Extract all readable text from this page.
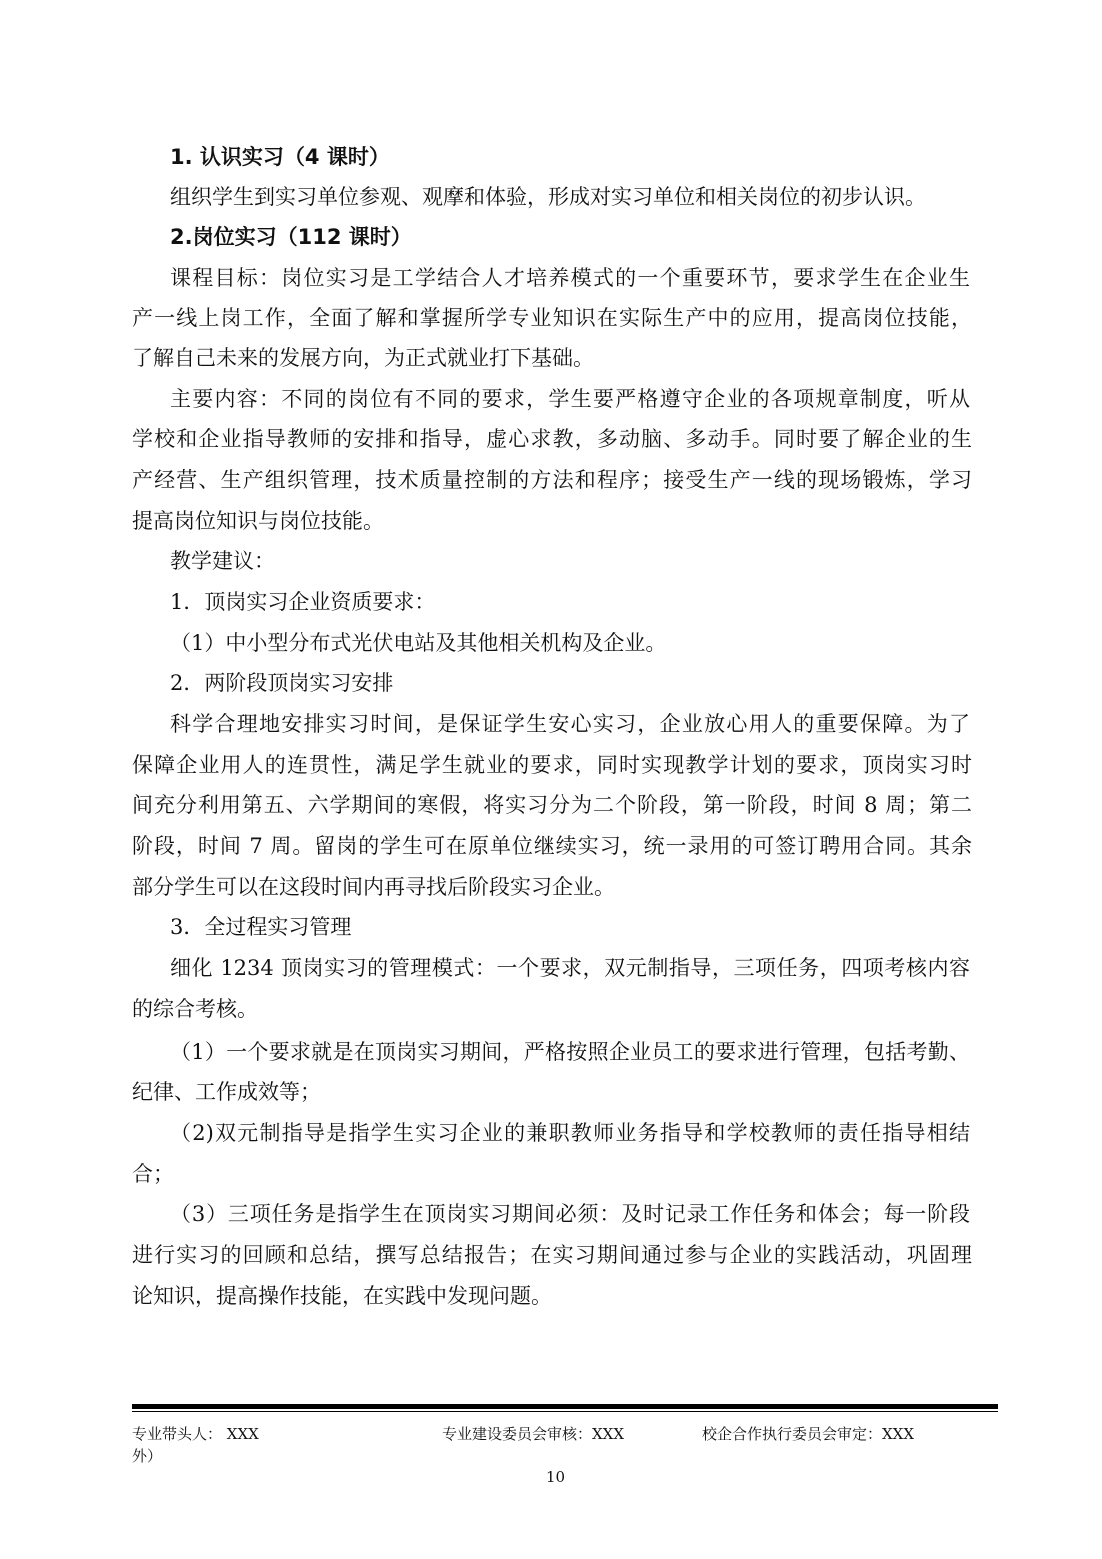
1. 认识实习（4 课时）
组织学生到实习单位参观、观摩和体验，形成对实习单位和相关岗位的初步认识。
2.岗位实习（112 课时）
课程目标：岗位实习是工学结合人才培养模式的一个重要环节，要求学生在企业生
产一线上岗工作，全面了解和掌握所学专业知识在实际生产中的应用，提高岗位技能，
了解自己未来的发展方向，为正式就业打下基础。
主要内容：不同的岗位有不同的要求，学生要严格遵守企业的各项规章制度，听从
学校和企业指导教师的安排和指导，虚心求教，多动脑、多动手。同时要了解企业的生
产经营、生产组织管理，技术质量控制的方法和程序；接受生产一线的现场锻炼，学习
提高岗位知识与岗位技能。
教学建议：
1．顶岗实习企业资质要求：
（1）中小型分布式光伏电站及其他相关机构及企业。
2．两阶段顶岗实习安排
科学合理地安排实习时间，是保证学生安心实习，企业放心用人的重要保障。为了
保障企业用人的连贯性，满足学生就业的要求，同时实现教学计划的要求，顶岗实习时
间充分利用第五、六学期间的寒假，将实习分为二个阶段，第一阶段，时间 8 周；第二
阶段，时间 7 周。留岗的学生可在原单位继续实习，统一录用的可签订聘用合同。其余
部分学生可以在这段时间内再寻找后阶段实习企业。
3．全过程实习管理
细化 1234 顶岗实习的管理模式：一个要求，双元制指导，三项任务，四项考核内容
的综合考核。
（1）一个要求就是在顶岗实习期间，严格按照企业员工的要求进行管理，包括考勤、
纪律、工作成效等；
（2)双元制指导是指学生实习企业的兼职教师业务指导和学校教师的责任指导相结
合；
（3）三项任务是指学生在顶岗实习期间必须：及时记录工作任务和体会；每一阶段
进行实习的回顾和总结，撰写总结报告；在实习期间通过参与企业的实践活动，巩固理
论知识，提高操作技能，在实践中发现问题。
专业带头人： XXX
外）
专业建设委员会审核：XXX	校企合作执行委员会审定：XXX
10
